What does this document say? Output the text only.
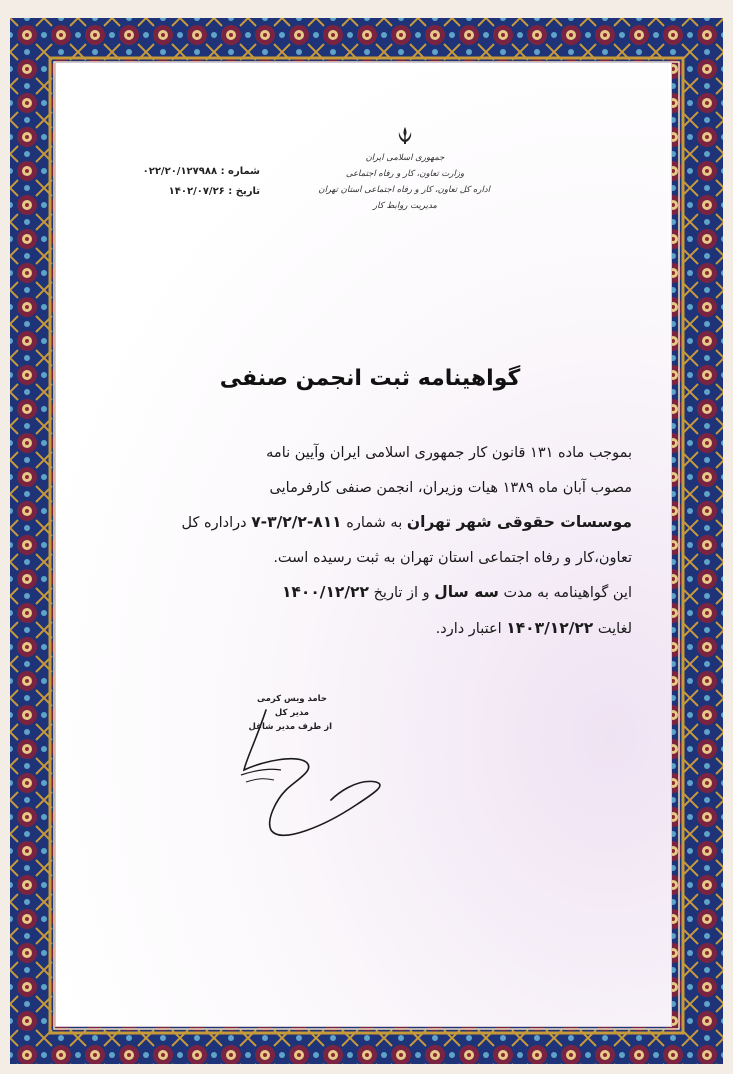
شماره : ۰۲۲/۲۰/۱۲۷۹۸۸
تاریخ : ۱۴۰۲/۰۷/۲۶
جمهوری اسلامی ایران
وزارت تعاون، کار و رفاه اجتماعی
اداره کل تعاون، کار و رفاه اجتماعی استان تهران
مدیریت روابط کار
گواهینامه ثبت انجمن صنفی

بموجب ماده ۱۳۱ قانون کار جمهوری اسلامی ایران وآیین نامه

مصوب آبان ماه ۱۳۸۹ هیات وزیران، انجمن صنفی کارفرمایی

موسسات حقوقی شهر تهران به شماره ۸۱۱-۳/۲/۲-۷ دراداره کل

تعاون،کار و رفاه اجتماعی استان تهران به ثبت رسیده است.

این گواهینامه به مدت سه سال و از تاریخ ۱۴۰۰/۱۲/۲۲

لغایت ۱۴۰۳/۱۲/۲۲ اعتبار دارد.

حامد ویس کرمی
مدیر کل
از طرف مدیر شاغل
